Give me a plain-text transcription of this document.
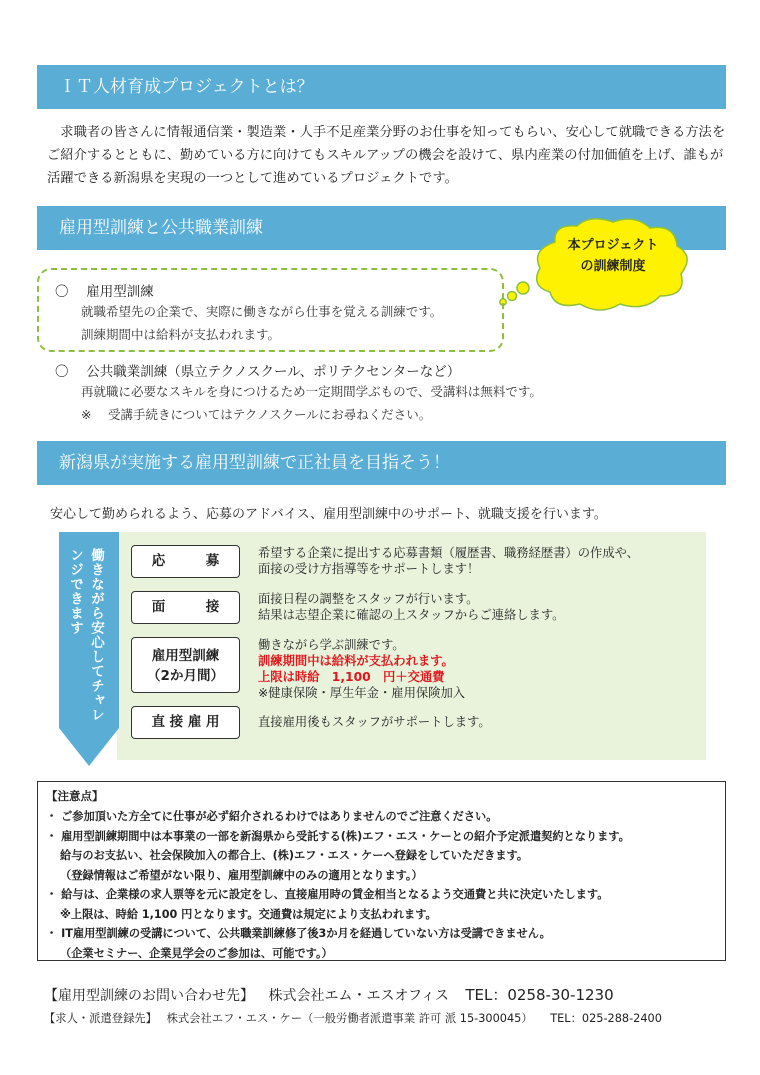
ＩＴ人材育成プロジェクトとは？
求職者の皆さんに情報通信業・製造業・人手不足産業分野のお仕事を知ってもらい、安心して就職できる方法をご紹介するとともに、勤めている方に向けてもスキルアップの機会を設けて、県内産業の付加価値を上げ、誰もが活躍できる新潟県を実現の一つとして進めているプロジェクトです。
雇用型訓練と公共職業訓練
本プロジェクト
の訓練制度
〇　 雇用型訓練
就職希望先の企業で、実際に働きながら仕事を覚える訓練です。
訓練期間中は給料が支払われます。
〇　 公共職業訓練（県立テクノスクール、ポリテクセンターなど）
再就職に必要なスキルを身につけるため一定期間学ぶもので、受講料は無料です。
※　 受講手続きについてはテクノスクールにお尋ねください。
新潟県が実施する雇用型訓練で正社員を目指そう！
安心して勤められるよう、応募のアドバイス、雇用型訓練中のサポート、就職支援を行います。
働きながら安心してチャレンジできます	応　　　募	希望する企業に提出する応募書類（履歴書、職務経歴書）の作成や、
面接の受け方指導等をサポートします！
面　　　接	面接日程の調整をスタッフが行います。
結果は志望企業に確認の上スタッフからご連絡します。
雇用型訓練
（2か月間）
働きながら学ぶ訓練です。
訓練期間中は給料が支払われます。
上限は時給　1,100　円＋交通費
※健康保険・厚生年金・雇用保険加入
直 接 雇 用	直接雇用後もスタッフがサポートします。
【注意点】
・ ご参加頂いた方全てに仕事が必ず紹介されるわけではありませんのでご注意ください。
・ 雇用型訓練期間中は本事業の一部を新潟県から受託する(株)エフ・エス・ケーとの紹介予定派遣契約となります。
給与のお支払い、社会保険加入の都合上、(株)エフ・エス・ケーへ登録をしていただきます。
（登録情報はご希望がない限り、雇用型訓練中のみの適用となります。）
・ 給与は、企業様の求人票等を元に設定をし、直接雇用時の賃金相当となるよう交通費と共に決定いたします。
※上限は、時給 1,100 円となります。交通費は規定により支払われます。
・ IT雇用型訓練の受講について、公共職業訓練修了後3か月を経過していない方は受講できません。
（企業セミナー、企業見学会のご参加は、可能です。）
【雇用型訓練のお問い合わせ先】 株式会社エム・エスオフィス TEL：0258-30-1230
【求人・派遣登録先】 株式会社エフ・エス・ケー（一般労働者派遣事業 許可 派 15-300045） TEL：025-288-2400
